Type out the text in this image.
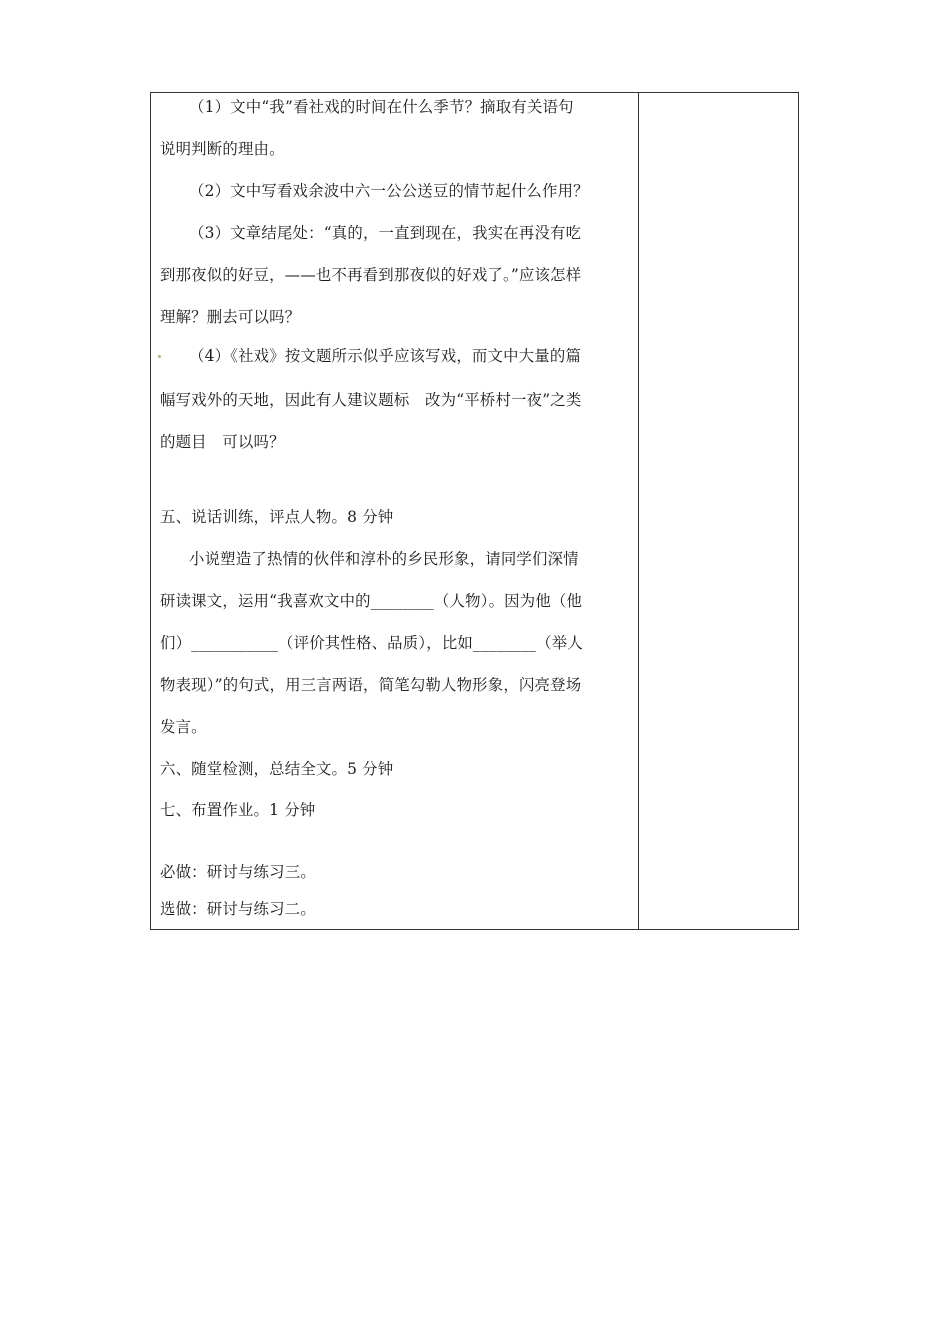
（1）文中“我”看社戏的时间在什么季节？摘取有关语句
说明判断的理由。
（2）文中写看戏余波中六一公公送豆的情节起什么作用？
（3）文章结尾处：“真的，一直到现在，我实在再没有吃
到那夜似的好豆，——也不再看到那夜似的好戏了。”应该怎样
理解？删去可以吗？
（4）《社戏》按文题所示似乎应该写戏，而文中大量的篇
幅写戏外的天地，因此有人建议题标　改为“平桥村一夜”之类
的题目　可以吗？
五、说话训练，评点人物。8 分钟
小说塑造了热情的伙伴和淳朴的乡民形象，请同学们深情
研读课文，运用“我喜欢文中的________（人物）。因为他（他
们）___________（评价其性格、品质），比如________（举人
物表现）”的句式，用三言两语，简笔勾勒人物形象，闪亮登场
发言。
六、随堂检测，总结全文。5 分钟
七、布置作业。1 分钟
必做：研讨与练习三。
选做：研讨与练习二。
